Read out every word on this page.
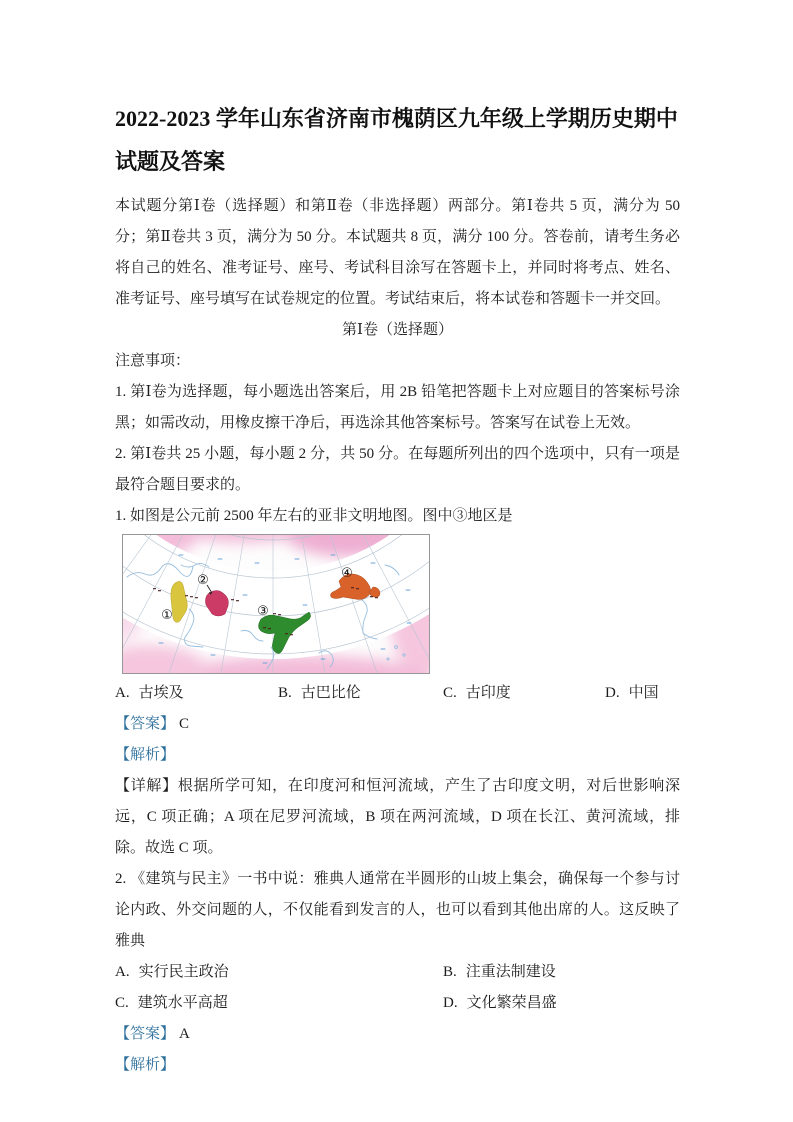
2022-2023 学年山东省济南市槐荫区九年级上学期历史期中
试题及答案

本试题分第Ⅰ卷（选择题）和第Ⅱ卷（非选择题）两部分。第Ⅰ卷共 5 页，满分为 50 分；第Ⅱ卷共 3 页，满分为 50 分。本试题共 8 页，满分 100 分。答卷前，请考生务必将自己的姓名、准考证号、座号、考试科目涂写在答题卡上，并同时将考点、姓名、准考证号、座号填写在试卷规定的位置。考试结束后，将本试卷和答题卡一并交回。

第Ⅰ卷（选择题）

注意事项：

1. 第Ⅰ卷为选择题，每小题选出答案后，用 2B 铅笔把答题卡上对应题目的答案标号涂黑；如需改动，用橡皮擦干净后，再选涂其他答案标号。答案写在试卷上无效。

2. 第Ⅰ卷共 25 小题，每小题 2 分，共 50 分。在每题所列出的四个选项中，只有一项是最符合题目要求的。

1. 如图是公元前 2500 年左右的亚非文明地图。图中③地区是

①
②
③
④
A. 古埃及	B. 古巴比伦	C. 古印度	D. 中国

【答案】 C

【解析】

【详解】根据所学可知，在印度河和恒河流域，产生了古印度文明，对后世影响深远，C 项正确；A 项在尼罗河流域，B 项在两河流域，D 项在长江、黄河流域，排除。故选 C 项。

2. 《建筑与民主》一书中说：雅典人通常在半圆形的山坡上集会，确保每一个参与讨论内政、外交问题的人，不仅能看到发言的人，也可以看到其他出席的人。这反映了雅典

A. 实行民主政治	B. 注重法制建设
C. 建筑水平高超	D. 文化繁荣昌盛

【答案】 A

【解析】
